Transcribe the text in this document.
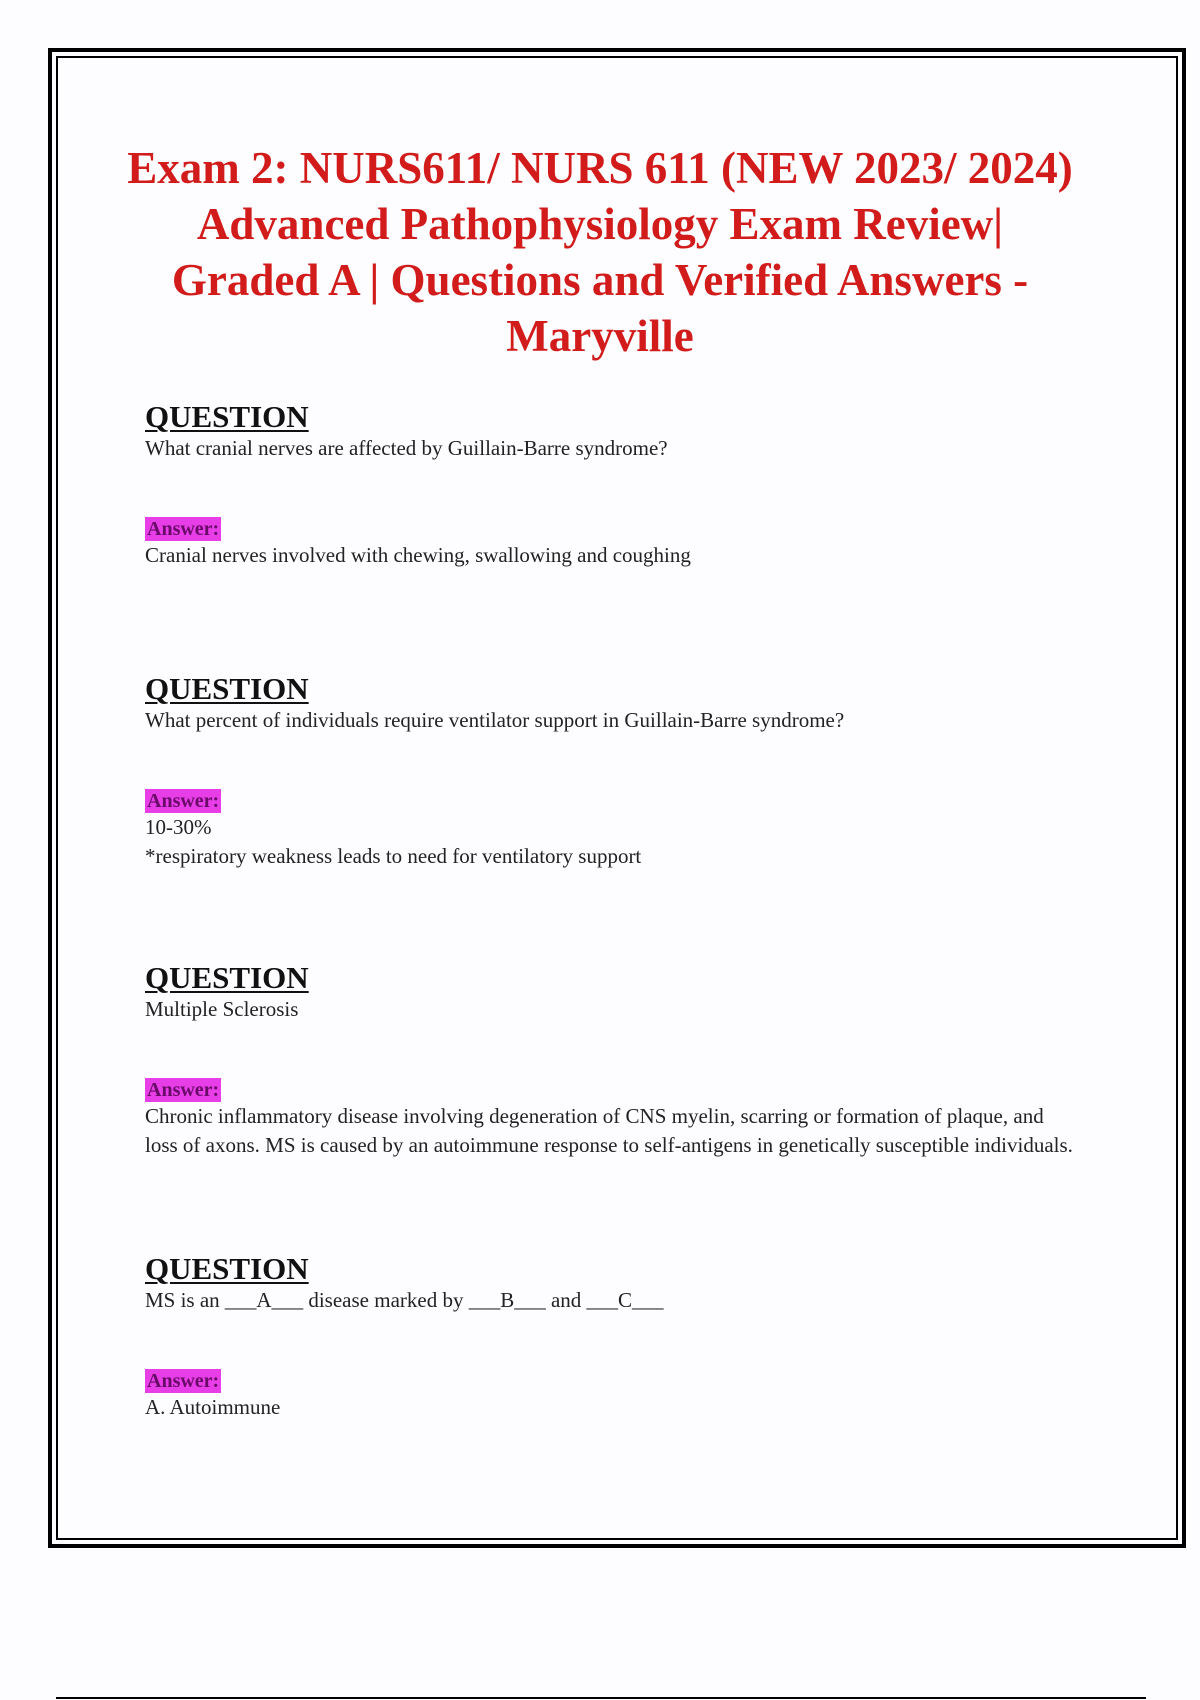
Exam 2: NURS611/ NURS 611 (NEW 2023/ 2024) Advanced Pathophysiology Exam Review| Graded A | Questions and Verified Answers - Maryville
QUESTION
What cranial nerves are affected by Guillain-Barre syndrome?
Answer:
Cranial nerves involved with chewing, swallowing and coughing
QUESTION
What percent of individuals require ventilator support in Guillain-Barre syndrome?
Answer:
10-30%
*respiratory weakness leads to need for ventilatory support
QUESTION
Multiple Sclerosis
Answer:
Chronic inflammatory disease involving degeneration of CNS myelin, scarring or formation of plaque, and loss of axons. MS is caused by an autoimmune response to self-antigens in genetically susceptible individuals.
QUESTION
MS is an ___A___ disease marked by ___B___ and ___C___
Answer:
A. Autoimmune
